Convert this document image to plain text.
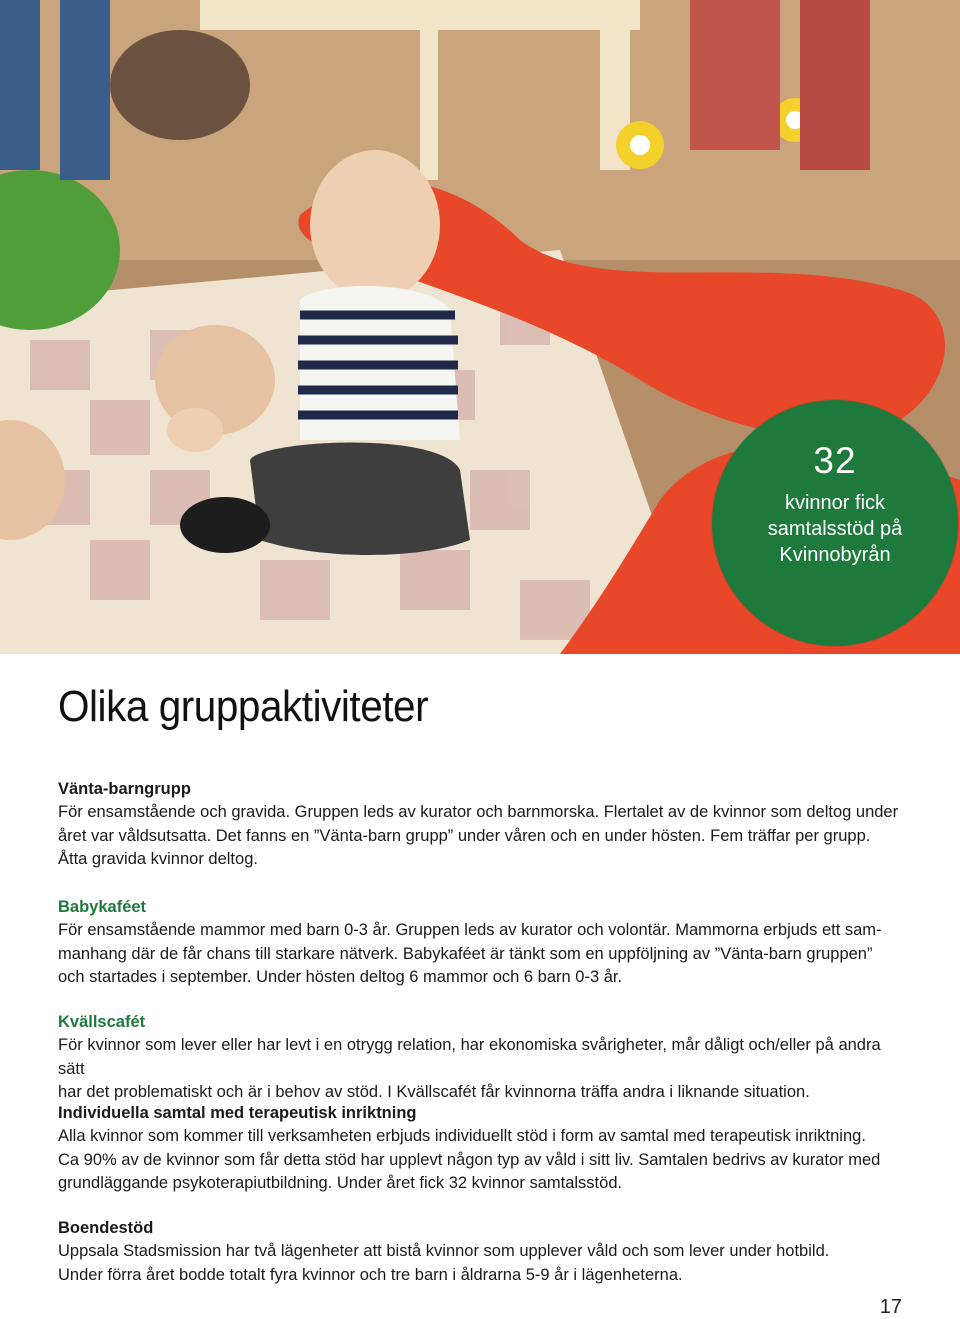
32
kvinnor fick samtalsstöd på Kvinnobyrån
Olika gruppaktiviteter
Vänta-barngrupp

För ensamstående och gravida. Gruppen leds av kurator och barnmorska. Flertalet av de kvinnor som deltog under

året var våldsutsatta. Det fanns en ”Vänta-barn grupp” under våren och en under hösten. Fem träffar per grupp.

Åtta gravida kvinnor deltog.

Babykaféet

För ensamstående mammor med barn 0-3 år. Gruppen leds av kurator och volontär. Mammorna erbjuds ett sam-

manhang där de får chans till starkare nätverk. Babykaféet är tänkt som en uppföljning av ”Vänta-barn gruppen”

och startades i september. Under hösten deltog 6 mammor och 6 barn 0-3 år.

Kvällscafét

För kvinnor som lever eller har levt i en otrygg relation, har ekonomiska svårigheter, mår dåligt och/eller på andra sätt

har det problematiskt och är i behov av stöd. I Kvällscafét får kvinnorna träffa andra i liknande situation.

Individuella samtal med terapeutisk inriktning

Alla kvinnor som kommer till verksamheten erbjuds individuellt stöd i form av samtal med terapeutisk inriktning.

Ca 90% av de kvinnor som får detta stöd har upplevt någon typ av våld i sitt liv. Samtalen bedrivs av kurator med

grundläggande psykoterapiutbildning. Under året fick 32 kvinnor samtalsstöd.

Boendestöd

Uppsala Stadsmission har två lägenheter att bistå kvinnor som upplever våld och som lever under hotbild.

Under förra året bodde totalt fyra kvinnor och tre barn i åldrarna 5-9 år i lägenheterna.

17
